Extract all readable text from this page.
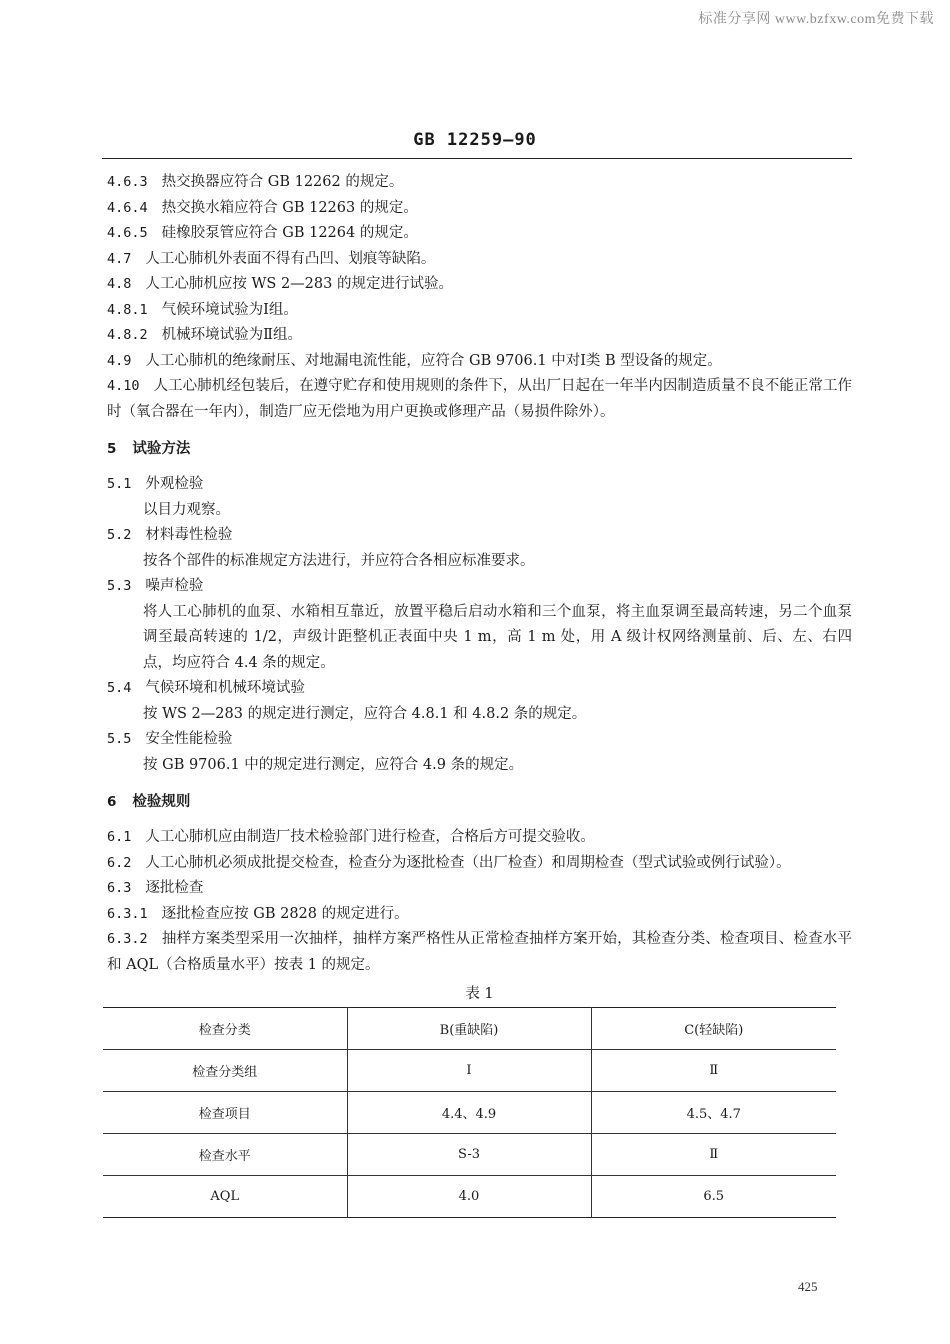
标准分享网 www.bzfxw.com免费下载
GB 12259—90

4.6.3 热交换器应符合 GB 12262 的规定。

4.6.4 热交换水箱应符合 GB 12263 的规定。

4.6.5 硅橡胶泵管应符合 GB 12264 的规定。

4.7 人工心肺机外表面不得有凸凹、划痕等缺陷。

4.8 人工心肺机应按 WS 2—283 的规定进行试验。

4.8.1 气候环境试验为Ⅰ组。

4.8.2 机械环境试验为Ⅱ组。

4.9 人工心肺机的绝缘耐压、对地漏电流性能，应符合 GB 9706.1 中对Ⅰ类 B 型设备的规定。

4.10 人工心肺机经包装后，在遵守贮存和使用规则的条件下，从出厂日起在一年半内因制造质量不良不能正常工作时（氧合器在一年内），制造厂应无偿地为用户更换或修理产品（易损件除外）。

5 试验方法

5.1 外观检验

以目力观察。

5.2 材料毒性检验

按各个部件的标准规定方法进行，并应符合各相应标准要求。

5.3 噪声检验

将人工心肺机的血泵、水箱相互靠近，放置平稳后启动水箱和三个血泵，将主血泵调至最高转速，另二个血泵调至最高转速的 1/2，声级计距整机正表面中央 1 m，高 1 m 处，用 A 级计权网络测量前、后、左、右四点，均应符合 4.4 条的规定。

5.4 气候环境和机械环境试验

按 WS 2—283 的规定进行测定，应符合 4.8.1 和 4.8.2 条的规定。

5.5 安全性能检验

按 GB 9706.1 中的规定进行测定，应符合 4.9 条的规定。

6 检验规则

6.1 人工心肺机应由制造厂技术检验部门进行检查，合格后方可提交验收。

6.2 人工心肺机必须成批提交检查，检查分为逐批检查（出厂检查）和周期检查（型式试验或例行试验）。

6.3 逐批检查

6.3.1 逐批检查应按 GB 2828 的规定进行。

6.3.2 抽样方案类型采用一次抽样，抽样方案严格性从正常检查抽样方案开始，其检查分类、检查项目、检查水平和 AQL（合格质量水平）按表 1 的规定。

表 1
检查分类	B(重缺陷)	C(轻缺陷)
检查分类组	Ⅰ	Ⅱ
检查项目	4.4、4.9	4.5、4.7
检查水平	S-3	Ⅱ
AQL	4.0	6.5
425
